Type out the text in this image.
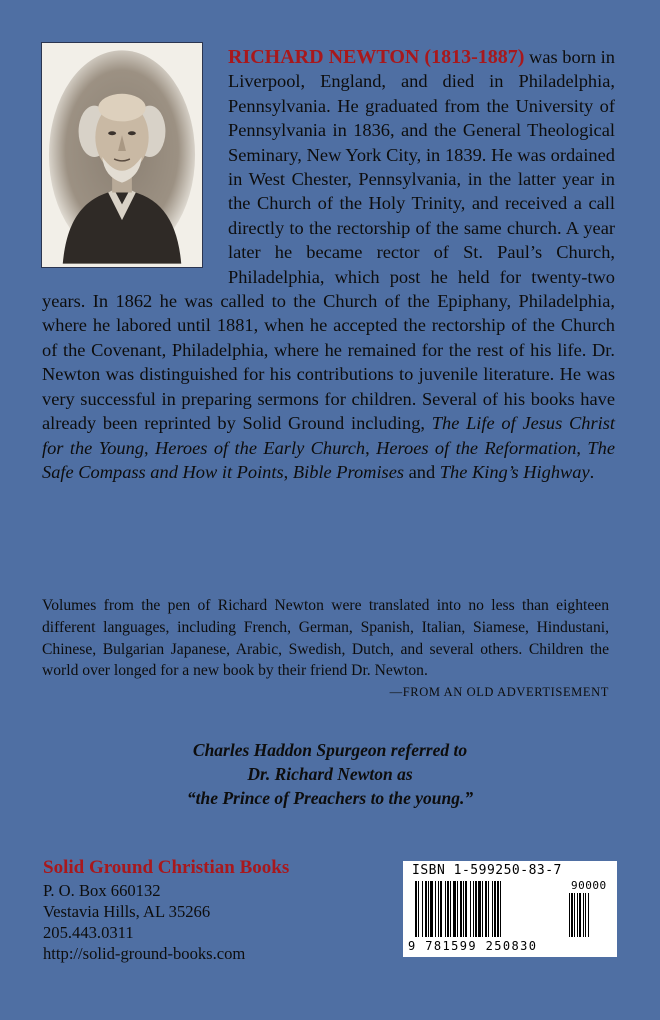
RICHARD NEWTON (1813-1887) was born in Liverpool, England, and died in Philadelphia, Pennsylvania. He graduated from the University of Pennsylvania in 1836, and the General Theological Seminary, New York City, in 1839. He was ordained in West Chester, Pennsylvania, in the latter year in the Church of the Holy Trinity, and received a call directly to the rectorship of the same church. A year later he became rector of St. Paul’s Church, Philadelphia, which post he held for twenty-two years. In 1862 he was called to the Church of the Epiphany, Philadelphia, where he labored until 1881, when he accepted the rectorship of the Church of the Covenant, Philadelphia, where he remained for the rest of his life. Dr. Newton was distinguished for his contributions to juvenile literature. He was very successful in preparing sermons for children. Several of his books have already been reprinted by Solid Ground including, The Life of Jesus Christ for the Young, Heroes of the Early Church, Heroes of the Reformation, The Safe Compass and How it Points, Bible Promises and The King’s Highway.
Volumes from the pen of Richard Newton were translated into no less than eighteen different languages, including French, German, Spanish, Italian, Siamese, Hindustani, Chinese, Bulgarian Japanese, Arabic, Swedish, Dutch, and several others. Children the world over longed for a new book by their friend Dr. Newton.
—FROM AN OLD ADVERTISEMENT
Charles Haddon Spurgeon referred to
Dr. Richard Newton as
“the Prince of Preachers to the young.”
Solid Ground Christian Books
P. O. Box 660132
Vestavia Hills, AL 35266
205.443.0311
http://solid-ground-books.com
ISBN 1-599250-83-7
90000
9 781599 250830
